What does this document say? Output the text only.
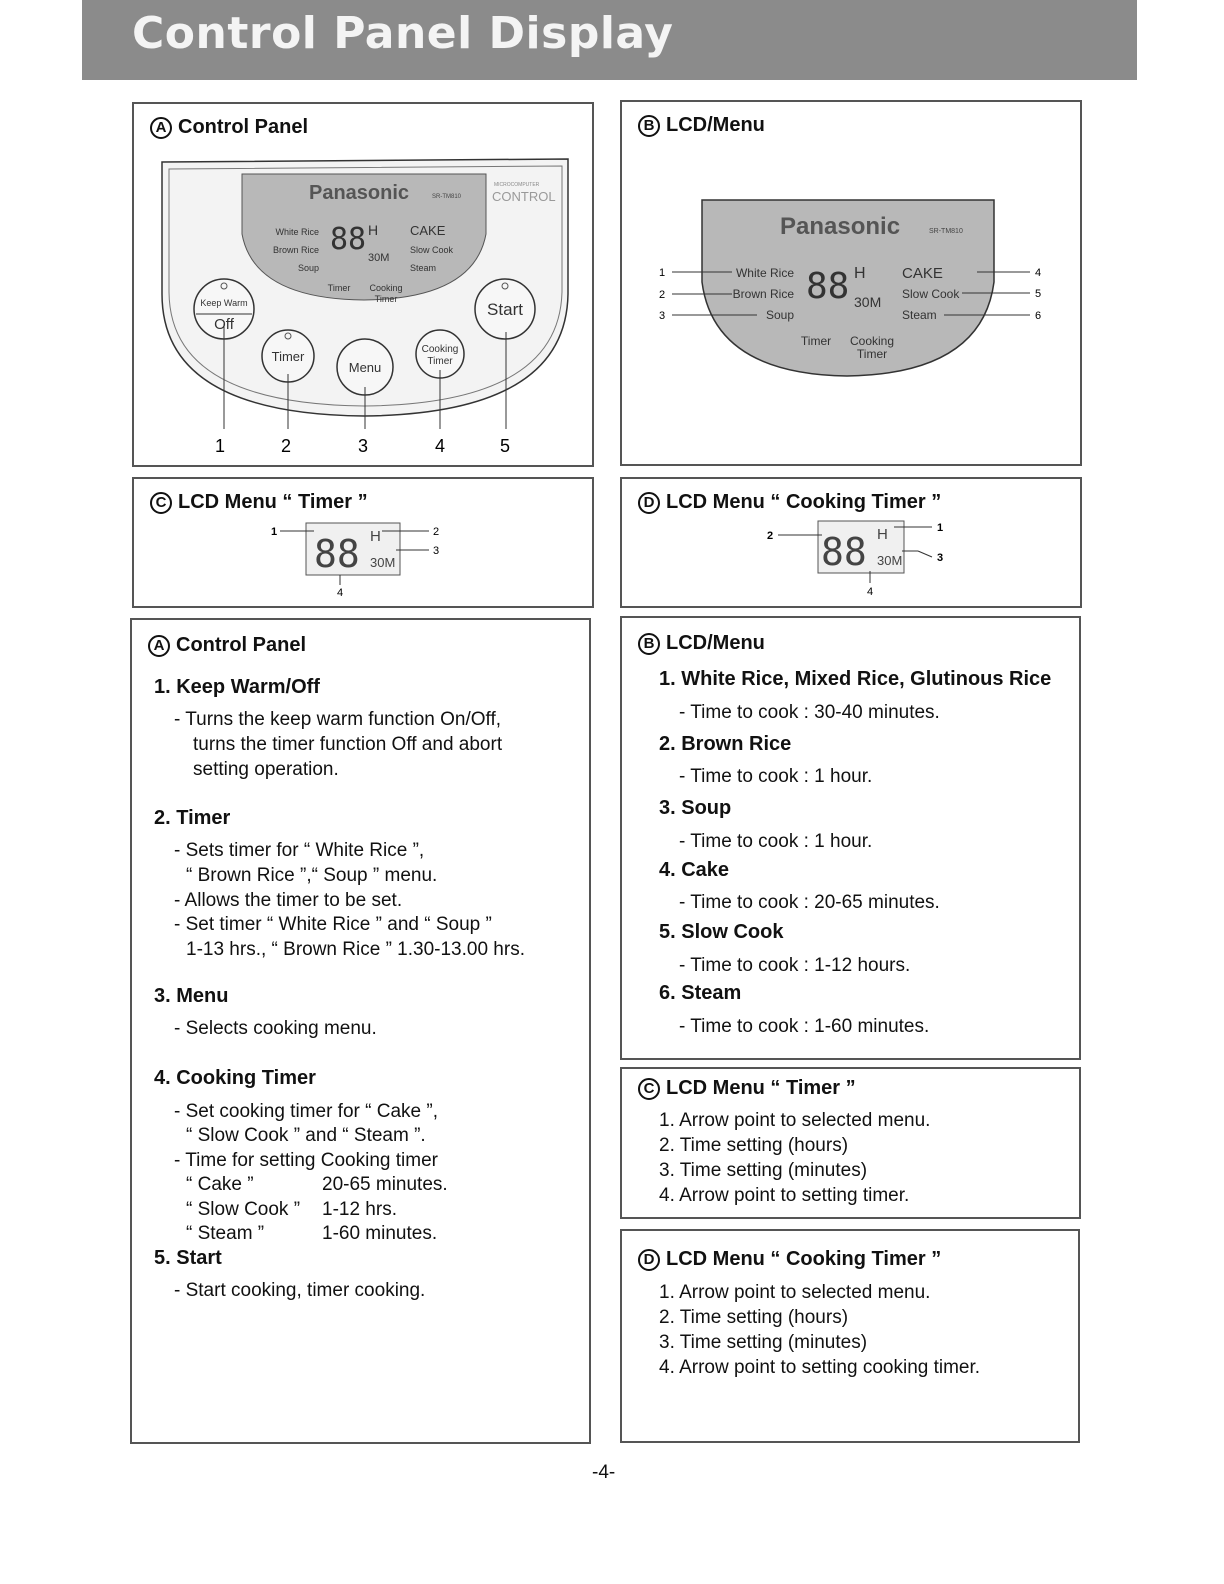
Control Panel Display
A Control Panel
Panasonic	SR-TM810
MICROCOMPUTER
CONTROL
White Rice
Brown Rice
Soup
88 H
30M
CAKE
Slow Cook
Steam
Timer Cooking
Timer
Keep Warm
Off
Start
Timer
Menu
Cooking
Timer
1	2	3	4	5
B LCD/Menu
Panasonic	SR-TM810
White Rice
Brown Rice
Soup
88 H
30M
CAKE
Slow Cook
Steam
Timer Cooking
Timer
1
2
3
4
5
6
C LCD Menu “ Timer ”
88 H
30M
1	2
3
4
D LCD Menu “ Cooking Timer ”
88 H
30M
2
1
3
4
A Control Panel
1. Keep Warm/Off
- Turns the keep warm function On/Off,
turns the timer function Off and abort
setting operation.
2. Timer
- Sets timer for “ White Rice ”,
“ Brown Rice ”,“ Soup ” menu.
- Allows the timer to be set.
- Set timer “ White Rice ” and “ Soup ”
1-13 hrs., “ Brown Rice ” 1.30-13.00 hrs.
3. Menu
- Selects cooking menu.
4. Cooking Timer
- Set cooking timer for “ Cake ”,
“ Slow Cook ” and “ Steam ”.
- Time for setting Cooking timer
“ Cake ”	20-65 minutes.
“ Slow Cook ” 1-12 hrs.
“ Steam ”	1-60 minutes.
5. Start
- Start cooking, timer cooking.
B LCD/Menu
1. White Rice, Mixed Rice, Glutinous Rice
- Time to cook : 30-40 minutes.
2. Brown Rice
- Time to cook : 1 hour.
3. Soup
- Time to cook : 1 hour.
4. Cake
- Time to cook : 20-65 minutes.
5. Slow Cook
- Time to cook : 1-12 hours.
6. Steam
- Time to cook : 1-60 minutes.
C LCD Menu “ Timer ”
1. Arrow point to selected menu.
2. Time setting (hours)
3. Time setting (minutes)
4. Arrow point to setting timer.
D LCD Menu “ Cooking Timer ”
1. Arrow point to selected menu.
2. Time setting (hours)
3. Time setting (minutes)
4. Arrow point to setting cooking timer.
-4-
